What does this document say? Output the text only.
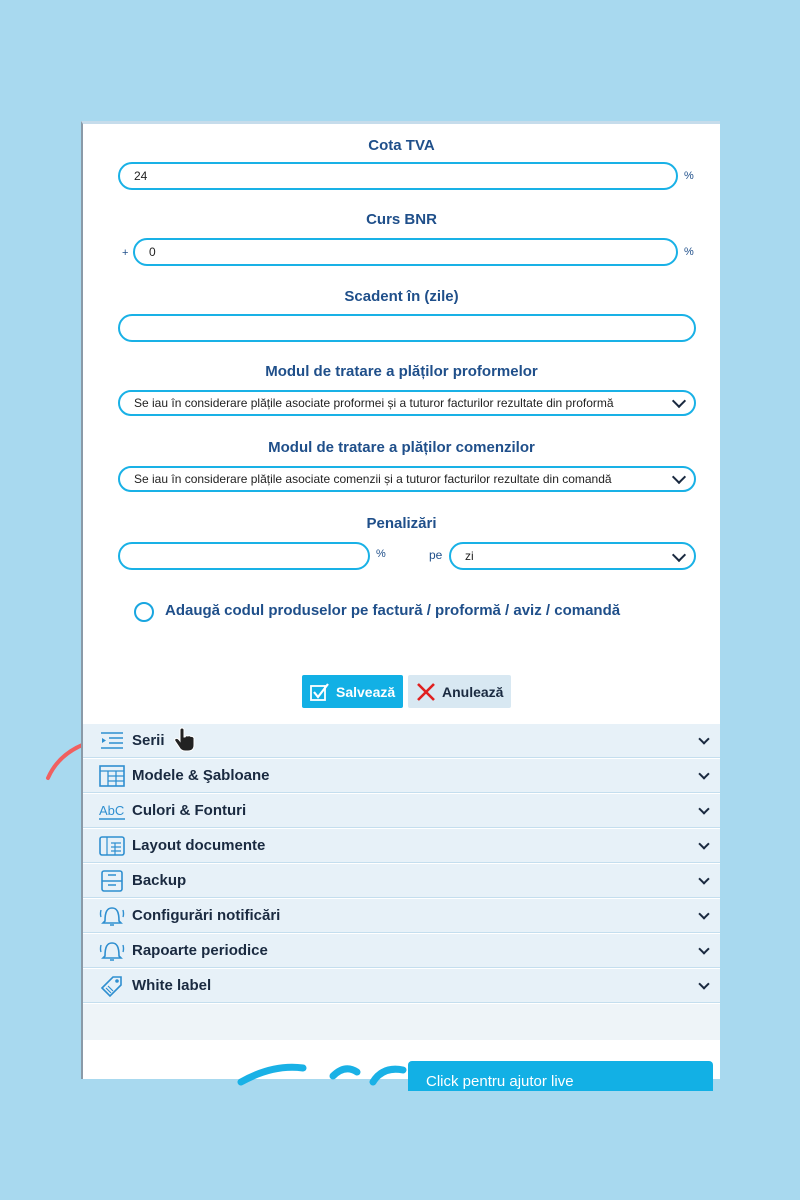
Cota TVA
24	%
Curs BNR
+	0	%
Scadent în (zile)
Modul de tratare a plăților proformelor
Se iau în considerare plățile asociate proformei și a tuturor facturilor rezultate din proformă
Modul de tratare a plăților comenzilor
Se iau în considerare plățile asociate comenzii și a tuturor facturilor rezultate din comandă
Penalizări
%	pe	zi
Adaugă codul produselor pe factură / proformă / aviz / comandă
Salvează	Anulează
Serii
Modele & Şabloane
AbC Culori & Fonturi
Layout documente
Backup
Configurări notificări
Rapoarte periodice
White label
Click pentru ajutor live
